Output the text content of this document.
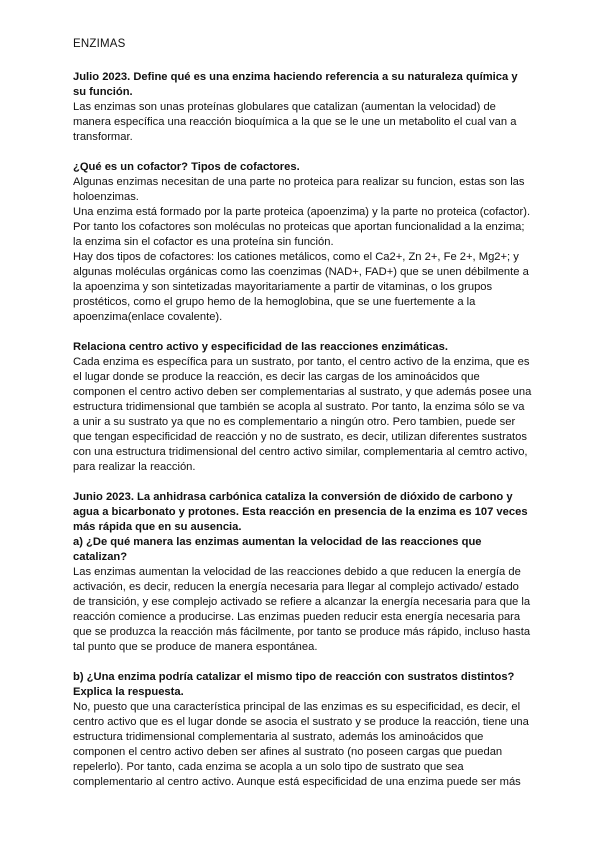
ENZIMAS
Julio 2023. Define qué es una enzima haciendo referencia a su naturaleza química y
su función.
Las enzimas son unas proteínas globulares que catalizan (aumentan la velocidad) de
manera específica una reacción bioquímica a la que se le une un metabolito el cual van a
transformar.
¿Qué es un cofactor? Tipos de cofactores.
Algunas enzimas necesitan de una parte no proteica para realizar su funcion, estas son las
holoenzimas.
Una enzima está formado por la parte proteica (apoenzima) y la parte no proteica (cofactor).
Por tanto los cofactores son moléculas no proteicas que aportan funcionalidad a la enzima;
la enzima sin el cofactor es una proteína sin función.
Hay dos tipos de cofactores: los cationes metálicos, como el Ca2+, Zn 2+, Fe 2+, Mg2+; y
algunas moléculas orgánicas como las coenzimas (NAD+, FAD+) que se unen débilmente a
la apoenzima y son sintetizadas mayoritariamente a partir de vitaminas, o los grupos
prostéticos, como el grupo hemo de la hemoglobina, que se une fuertemente a la
apoenzima(enlace covalente).
Relaciona centro activo y especificidad de las reacciones enzimáticas.
Cada enzima es específica para un sustrato, por tanto, el centro activo de la enzima, que es
el lugar donde se produce la reacción, es decir las cargas de los aminoácidos que
componen el centro activo deben ser complementarias al sustrato, y que además posee una
estructura tridimensional que también se acopla al sustrato. Por tanto, la enzima sólo se va
a unir a su sustrato ya que no es complementario a ningún otro. Pero tambien, puede ser
que tengan especificidad de reacción y no de sustrato, es decir, utilizan diferentes sustratos
con una estructura tridimensional del centro activo similar, complementaria al cemtro activo,
para realizar la reacción.
Junio 2023. La anhidrasa carbónica cataliza la conversión de dióxido de carbono y
agua a bicarbonato y protones. Esta reacción en presencia de la enzima es 107 veces
más rápida que en su ausencia.
a) ¿De qué manera las enzimas aumentan la velocidad de las reacciones que
catalizan?
Las enzimas aumentan la velocidad de las reacciones debido a que reducen la energía de
activación, es decir, reducen la energía necesaria para llegar al complejo activado/ estado
de transición, y ese complejo activado se refiere a alcanzar la energía necesaria para que la
reacción comience a producirse. Las enzimas pueden reducir esta energía necesaria para
que se produzca la reacción más fácilmente, por tanto se produce más rápido, incluso hasta
tal punto que se produce de manera espontánea.
b) ¿Una enzima podría catalizar el mismo tipo de reacción con sustratos distintos?
Explica la respuesta.
No, puesto que una característica principal de las enzimas es su especificidad, es decir, el
centro activo que es el lugar donde se asocia el sustrato y se produce la reacción, tiene una
estructura tridimensional complementaria al sustrato, además los aminoácidos que
componen el centro activo deben ser afines al sustrato (no poseen cargas que puedan
repelerlo). Por tanto, cada enzima se acopla a un solo tipo de sustrato que sea
complementario al centro activo. Aunque está especificidad de una enzima puede ser más
